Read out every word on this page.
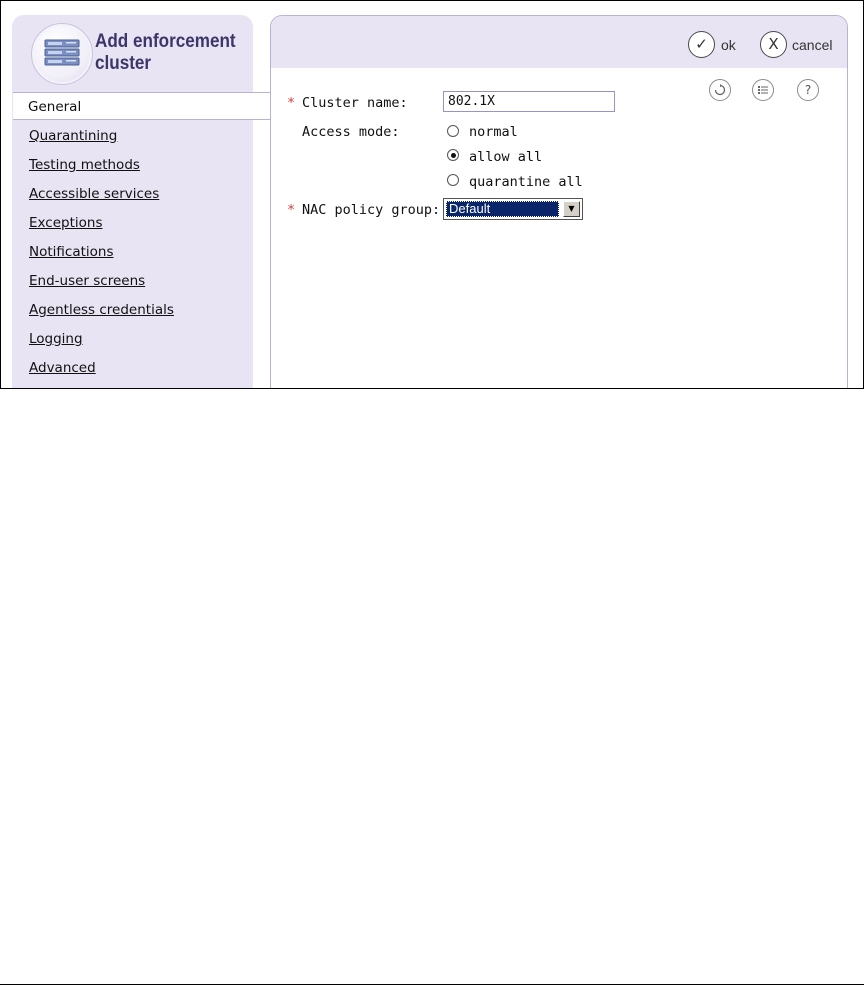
Add enforcement cluster
General
Quarantining
Testing methods
Accessible services
Exceptions
Notifications
End-user screens
Agentless credentials
Logging
Advanced
✓ ok	X cancel
?
* Cluster name:
802.1X
Access mode:	normal
allow all
quarantine all
* NAC policy group: Default	▼
